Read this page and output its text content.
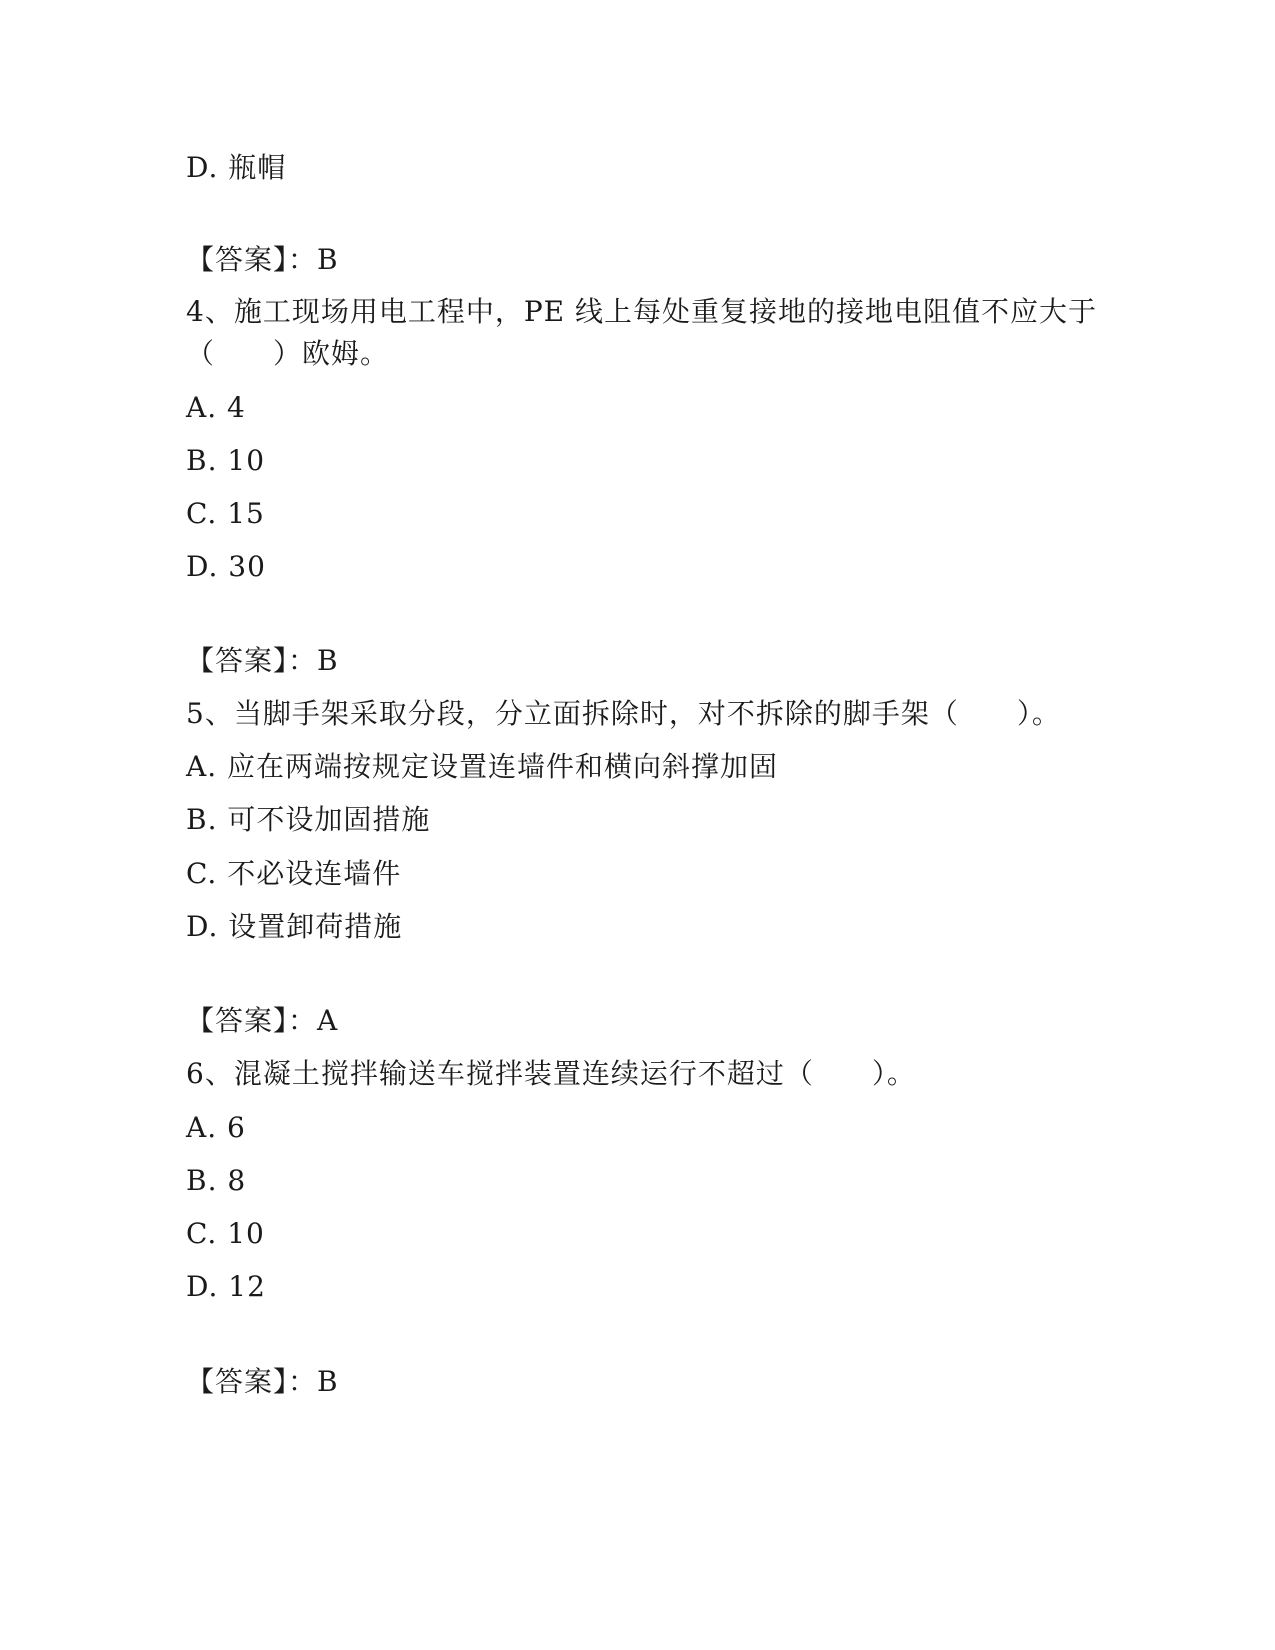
D. 瓶帽
【答案】：B
4、施工现场用电工程中，PE 线上每处重复接地的接地电阻值不应大于
（　　）欧姆。
A. 4
B. 10
C. 15
D. 30
【答案】：B
5、当脚手架采取分段，分立面拆除时，对不拆除的脚手架（　　）。
A. 应在两端按规定设置连墙件和横向斜撑加固
B. 可不设加固措施
C. 不必设连墙件
D. 设置卸荷措施
【答案】：A
6、混凝土搅拌输送车搅拌装置连续运行不超过（　　）。
A. 6
B. 8
C. 10
D. 12
【答案】：B
